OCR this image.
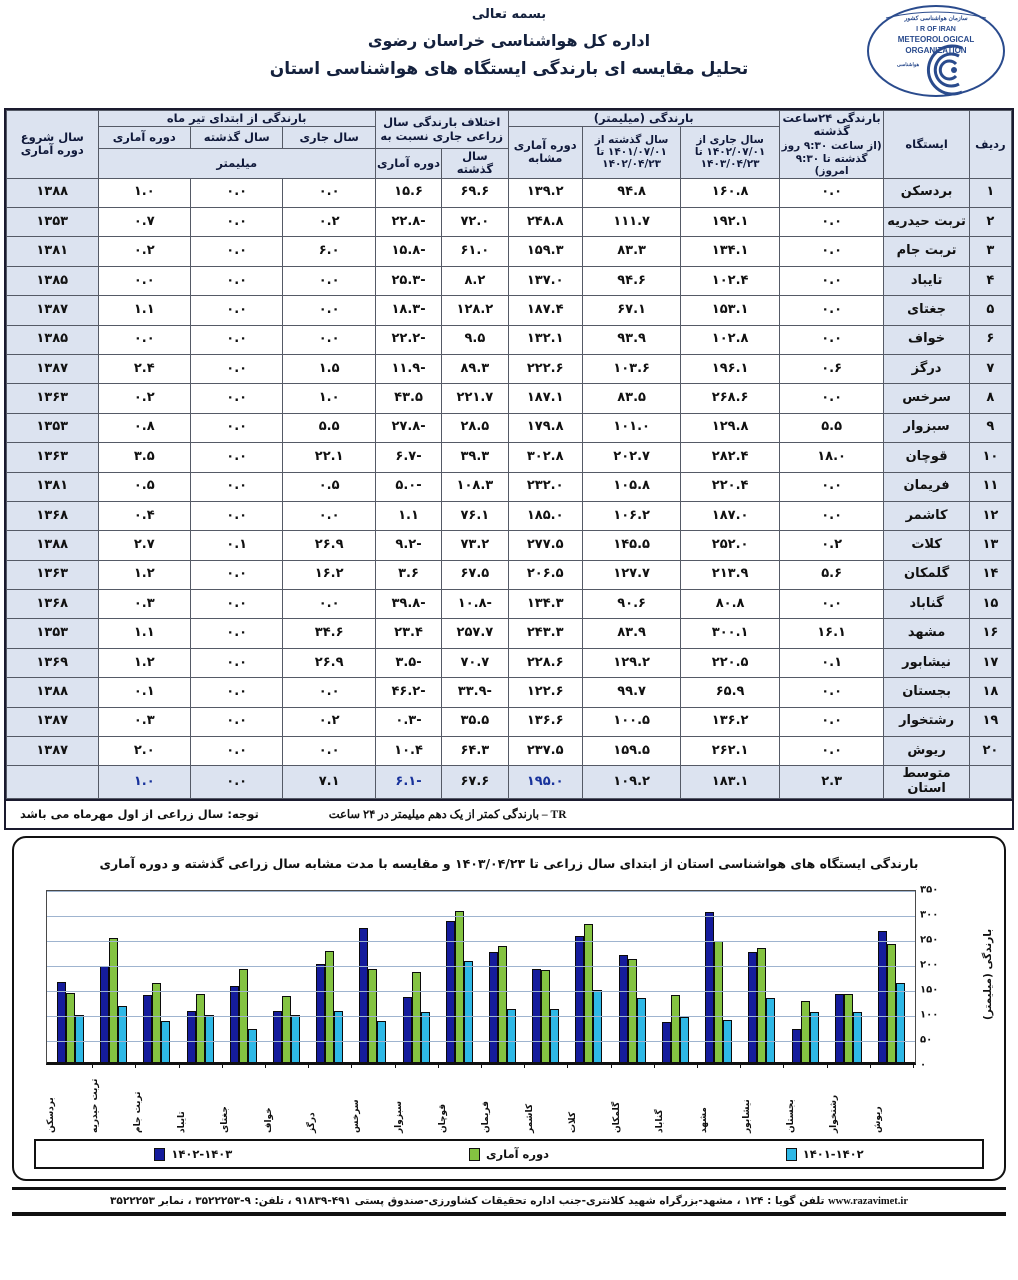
بسمه تعالی
اداره کل هواشناسی خراسان رضوی
تحلیل مقایسه ای بارندگی ایستگاه های هواشناسی استان
سازمان هواشناسی کشور
I R OF IRAN
METEOROLOGICAL
ORGANIZATION
هواشناسی
ردیف	ایستگاه	بارندگی ۲۴ساعت گذشته
(از ساعت ۹:۳۰ روز گذشته تا ۹:۳۰ امروز)	بارندگی (میلیمتر)			اختلاف بارندگی سال زراعی جاری نسبت به		بارندگی از ابتدای تیر ماه			سال شروع دوره آماری
			سال جاری از ۱۴۰۲/۰۷/۰۱ تا ۱۴۰۳/۰۴/۲۳	سال گذشته از ۱۴۰۱/۰۷/۰۱ تا ۱۴۰۲/۰۴/۲۳	دوره آماری مشابه			سال جاری	سال گذشته	دوره آماری	
						سال گذشته	دوره آماری	میلیمتر			
۱	بردسکن	۰.۰	۱۶۰.۸	۹۴.۸	۱۳۹.۲	۶۹.۶	۱۵.۶	۰.۰	۰.۰	۱.۰	۱۳۸۸
۲	تربت حیدریه	۰.۰	۱۹۲.۱	۱۱۱.۷	۲۴۸.۸	۷۲.۰	-۲۲.۸	۰.۲	۰.۰	۰.۷	۱۳۵۳
۳	تربت جام	۰.۰	۱۳۴.۱	۸۳.۳	۱۵۹.۳	۶۱.۰	-۱۵.۸	۶.۰	۰.۰	۰.۲	۱۳۸۱
۴	تایباد	۰.۰	۱۰۲.۴	۹۴.۶	۱۳۷.۰	۸.۲	-۲۵.۳	۰.۰	۰.۰	۰.۰	۱۳۸۵
۵	جغتای	۰.۰	۱۵۳.۱	۶۷.۱	۱۸۷.۴	۱۲۸.۲	-۱۸.۳	۰.۰	۰.۰	۱.۱	۱۳۸۷
۶	خواف	۰.۰	۱۰۲.۸	۹۳.۹	۱۳۲.۱	۹.۵	-۲۲.۲	۰.۰	۰.۰	۰.۰	۱۳۸۵
۷	درگز	۰.۶	۱۹۶.۱	۱۰۳.۶	۲۲۲.۶	۸۹.۳	-۱۱.۹	۱.۵	۰.۰	۲.۴	۱۳۸۷
۸	سرخس	۰.۰	۲۶۸.۶	۸۳.۵	۱۸۷.۱	۲۲۱.۷	۴۳.۵	۱.۰	۰.۰	۰.۲	۱۳۶۳
۹	سبزوار	۵.۵	۱۲۹.۸	۱۰۱.۰	۱۷۹.۸	۲۸.۵	-۲۷.۸	۵.۵	۰.۰	۰.۸	۱۳۵۳
۱۰	قوچان	۱۸.۰	۲۸۲.۴	۲۰۲.۷	۳۰۲.۸	۳۹.۳	-۶.۷	۲۲.۱	۰.۰	۳.۵	۱۳۶۳
۱۱	فریمان	۰.۰	۲۲۰.۴	۱۰۵.۸	۲۳۲.۰	۱۰۸.۳	-۵.۰	۰.۵	۰.۰	۰.۵	۱۳۸۱
۱۲	کاشمر	۰.۰	۱۸۷.۰	۱۰۶.۲	۱۸۵.۰	۷۶.۱	۱.۱	۰.۰	۰.۰	۰.۴	۱۳۶۸
۱۳	کلات	۰.۲	۲۵۲.۰	۱۴۵.۵	۲۷۷.۵	۷۳.۲	-۹.۲	۲۶.۹	۰.۱	۲.۷	۱۳۸۸
۱۴	گلمکان	۵.۶	۲۱۳.۹	۱۲۷.۷	۲۰۶.۵	۶۷.۵	۳.۶	۱۶.۲	۰.۰	۱.۲	۱۳۶۳
۱۵	گناباد	۰.۰	۸۰.۸	۹۰.۶	۱۳۴.۳	-۱۰.۸	-۳۹.۸	۰.۰	۰.۰	۰.۳	۱۳۶۸
۱۶	مشهد	۱۶.۱	۳۰۰.۱	۸۳.۹	۲۴۳.۳	۲۵۷.۷	۲۳.۴	۳۴.۶	۰.۰	۱.۱	۱۳۵۳
۱۷	نیشابور	۰.۱	۲۲۰.۵	۱۲۹.۲	۲۲۸.۶	۷۰.۷	-۳.۵	۲۶.۹	۰.۰	۱.۲	۱۳۶۹
۱۸	بجستان	۰.۰	۶۵.۹	۹۹.۷	۱۲۲.۶	-۳۳.۹	-۴۶.۲	۰.۰	۰.۰	۰.۱	۱۳۸۸
۱۹	رشتخوار	۰.۰	۱۳۶.۲	۱۰۰.۵	۱۳۶.۶	۳۵.۵	-۰.۳	۰.۲	۰.۰	۰.۳	۱۳۸۷
۲۰	ریوش	۰.۰	۲۶۲.۱	۱۵۹.۵	۲۳۷.۵	۶۴.۳	۱۰.۴	۰.۰	۰.۰	۲.۰	۱۳۸۷
	متوسط استان	۲.۳	۱۸۳.۱	۱۰۹.۲	۱۹۵.۰	۶۷.۶	-۶.۱	۷.۱	۰.۰	۱.۰	
توجه: سال زراعی از اول مهرماه می باشد	TR – بارندگی کمتر از یک دهم میلیمتر در ۲۴ ساعت
بارندگی ایستگاه های هواشناسی استان از ابتدای سال زراعی تا ۱۴۰۳/۰۴/۲۳ و مقایسه با مدت مشابه سال زراعی گذشته و دوره آماری
بارندگی (میلیمتر)
۳۵۰
۳۰۰
۲۵۰
۲۰۰
۱۵۰
۱۰۰
۵۰
۰
بردسکن	تربت حیدریه	تربت جام	تایباد	جغتای	خواف	درگز	سرخس	سبزوار	قوچان	فریمان	کاشمر	کلات	گلمکان	گناباد	مشهد	نیشابور	بجستان	رشتخوار	ریوش
۱۴۰۲-۱۴۰۳	دوره آماری	۱۴۰۱-۱۴۰۲
www.razavimet.ir تلفن گویا : ۱۲۴ ، مشهد-بزرگراه شهید کلانتری-جنب اداره تحقیقات کشاورزی-صندوق پستی ۴۹۱-۹۱۸۳۹ ، تلفن: ۹-۳۵۲۲۲۵۳ ، نمابر ۳۵۲۲۲۵۳
